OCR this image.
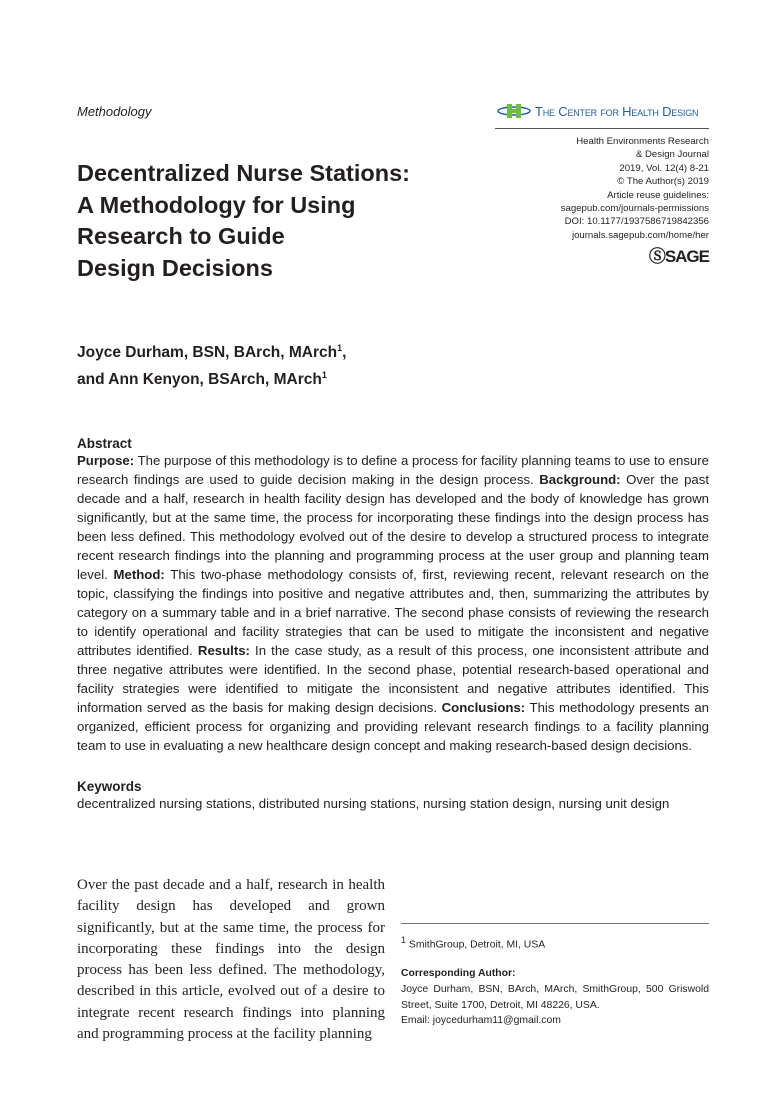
Methodology	The Center for Health Design
Health Environments Research
& Design Journal
2019, Vol. 12(4) 8-21
© The Author(s) 2019
Article reuse guidelines:
sagepub.com/journals-permissions
DOI: 10.1177/1937586719842356
journals.sagepub.com/home/her
ⓈSAGE
Decentralized Nurse Stations:
A Methodology for Using
Research to Guide
Design Decisions
Joyce Durham, BSN, BArch, MArch$^1$,
and Ann Kenyon, BSArch, MArch$^1$
Abstract
Purpose: The purpose of this methodology is to define a process for facility planning teams to use to ensure research findings are used to guide decision making in the design process. Background: Over the past decade and a half, research in health facility design has developed and the body of knowledge has grown significantly, but at the same time, the process for incorporating these findings into the design process has been less defined. This methodology evolved out of the desire to develop a structured process to integrate recent research findings into the planning and programming process at the user group and planning team level. Method: This two-phase methodology consists of, first, reviewing recent, relevant research on the topic, classifying the findings into positive and negative attributes and, then, summarizing the attributes by category on a summary table and in a brief narrative. The second phase consists of reviewing the research to identify operational and facility strategies that can be used to mitigate the inconsistent and negative attributes identified. Results: In the case study, as a result of this process, one inconsistent attribute and three negative attributes were identified. In the second phase, potential research-based operational and facility strategies were identified to mitigate the inconsistent and negative attributes identified. This information served as the basis for making design decisions. Conclusions: This methodology presents an organized, efficient process for organizing and providing relevant research findings to a facility planning team to use in evaluating a new healthcare design concept and making research-based design decisions.
Keywords
decentralized nursing stations, distributed nursing stations, nursing station design, nursing unit design
Over the past decade and a half, research in health facility design has developed and grown significantly, but at the same time, the process for incorporating these findings into the design process has been less defined. The methodology, described in this article, evolved out of a desire to integrate recent research findings into planning and programming process at the facility planning
$^1$ SmithGroup, Detroit, MI, USA
Corresponding Author:
Joyce Durham, BSN, BArch, MArch, SmithGroup, 500 Griswold Street, Suite 1700, Detroit, MI 48226, USA.
Email: joycedurham11@gmail.com
